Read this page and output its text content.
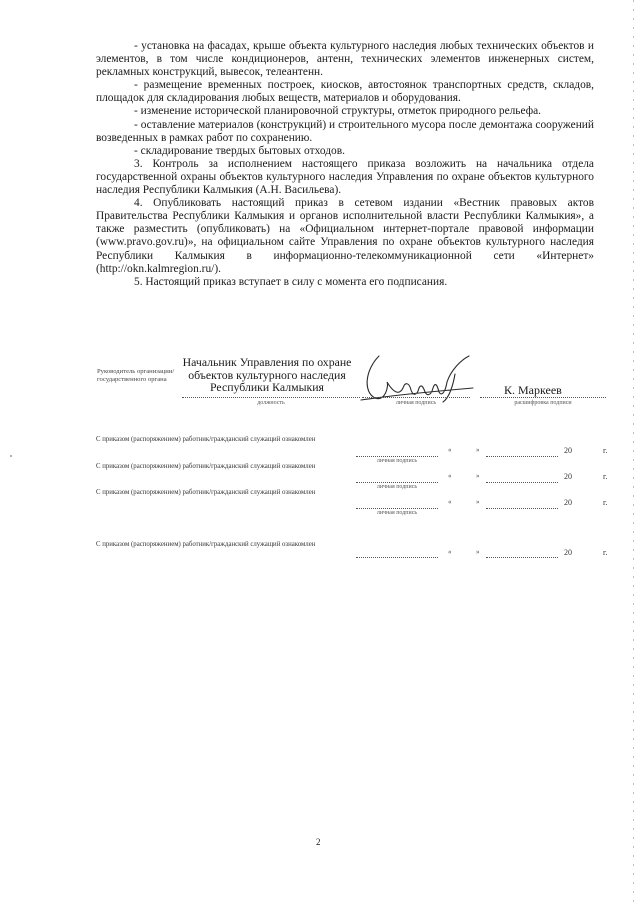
- установка на фасадах, крыше объекта культурного наследия любых технических объектов и элементов, в том числе кондиционеров, антенн, технических элементов инженерных систем, рекламных конструкций, вывесок, телеантенн.

- размещение временных построек, киосков, автостоянок транспортных средств, складов, площадок для складирования любых веществ, материалов и оборудования.

- изменение исторической планировочной структуры, отметок природного рельефа.

- оставление материалов (конструкций) и строительного мусора после демонтажа сооружений возведенных в рамках работ по сохранению.

- складирование твердых бытовых отходов.

3. Контроль за исполнением настоящего приказа возложить на начальника отдела государственной охраны объектов культурного наследия Управления по охране объектов культурного наследия Республики Калмыкия (А.Н. Васильева).

4. Опубликовать настоящий приказ в сетевом издании «Вестник правовых актов Правительства Республики Калмыкия и органов исполнительной власти Республики Калмыкия», а также разместить (опубликовать) на «Официальном интернет-портале правовой информации (www.pravo.gov.ru)», на официальном сайте Управления по охране объектов культурного наследия Республики Калмыкия в информационно-телекоммуникационной сети «Интернет» (http://okn.kalmregion.ru/).

5. Настоящий приказ вступает в силу с момента его подписания.

Руководитель организации/государственного органа
Начальник Управления по охране объектов культурного наследия Республики Калмыкия
должность	личная подпись
К. Маркеев
расшифровка подписи
С приказом (распоряжением) работник/гражданский служащий ознакомлен
личная подпись
«	»	20	г.
С приказом (распоряжением) работник/гражданский служащий ознакомлен
личная подпись
«	»	20	г.
С приказом (распоряжением) работник/гражданский служащий ознакомлен
личная подпись
«	»	20	г.
С приказом (распоряжением) работник/гражданский служащий ознакомлен
«	»	20	г.
2
